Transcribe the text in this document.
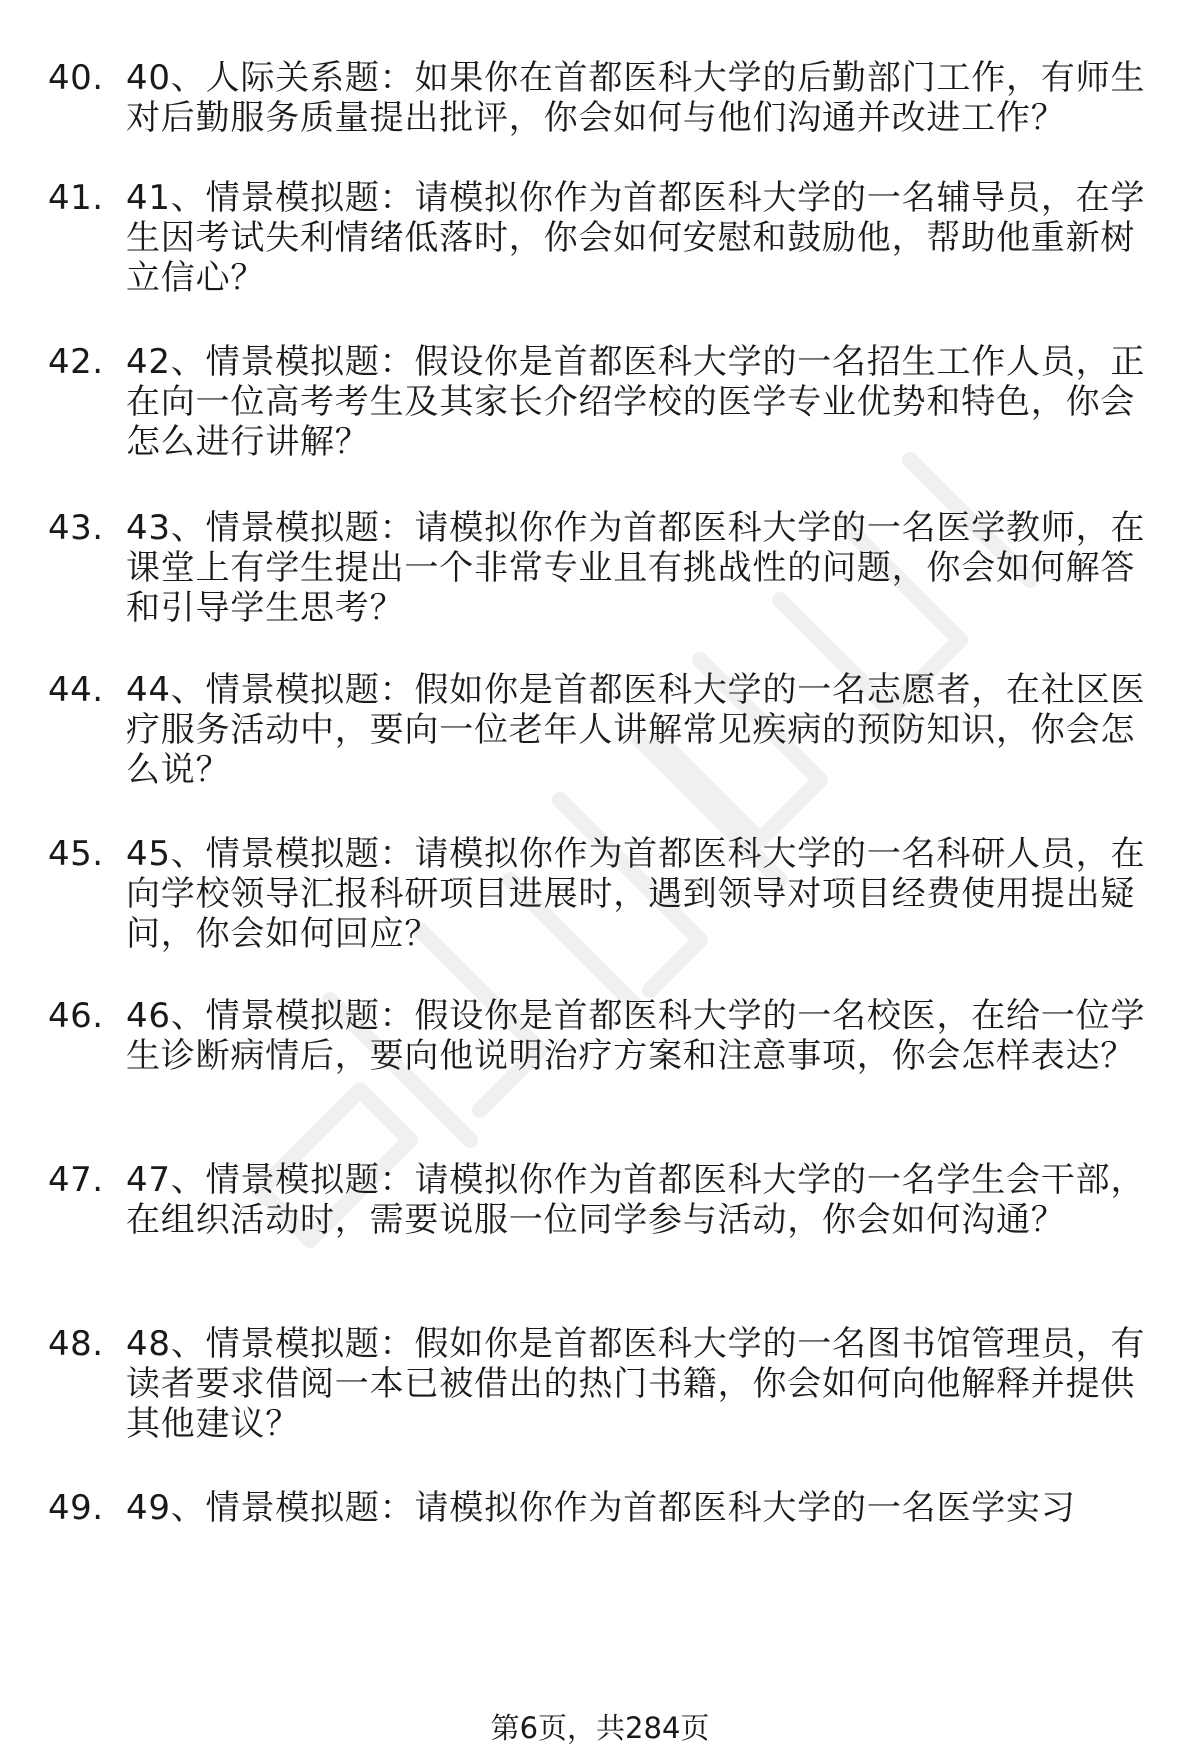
40. 40、人际关系题：如果你在首都医科大学的后勤部门工作，有师生对后勤服务质量提出批评，你会如何与他们沟通并改进工作？
41. 41、情景模拟题：请模拟你作为首都医科大学的一名辅导员，在学生因考试失利情绪低落时，你会如何安慰和鼓励他，帮助他重新树立信心？
42. 42、情景模拟题：假设你是首都医科大学的一名招生工作人员，正在向一位高考考生及其家长介绍学校的医学专业优势和特色，你会怎么进行讲解？
43. 43、情景模拟题：请模拟你作为首都医科大学的一名医学教师，在课堂上有学生提出一个非常专业且有挑战性的问题，你会如何解答和引导学生思考？
44. 44、情景模拟题：假如你是首都医科大学的一名志愿者，在社区医疗服务活动中，要向一位老年人讲解常见疾病的预防知识，你会怎么说？
45. 45、情景模拟题：请模拟你作为首都医科大学的一名科研人员，在向学校领导汇报科研项目进展时，遇到领导对项目经费使用提出疑问，你会如何回应？
46. 46、情景模拟题：假设你是首都医科大学的一名校医，在给一位学生诊断病情后，要向他说明治疗方案和注意事项，你会怎样表达？
47. 47、情景模拟题：请模拟你作为首都医科大学的一名学生会干部，在组织活动时，需要说服一位同学参与活动，你会如何沟通？
48. 48、情景模拟题：假如你是首都医科大学的一名图书馆管理员，有读者要求借阅一本已被借出的热门书籍，你会如何向他解释并提供其他建议？
49. 49、情景模拟题：请模拟你作为首都医科大学的一名医学实习
第6页，共284页
